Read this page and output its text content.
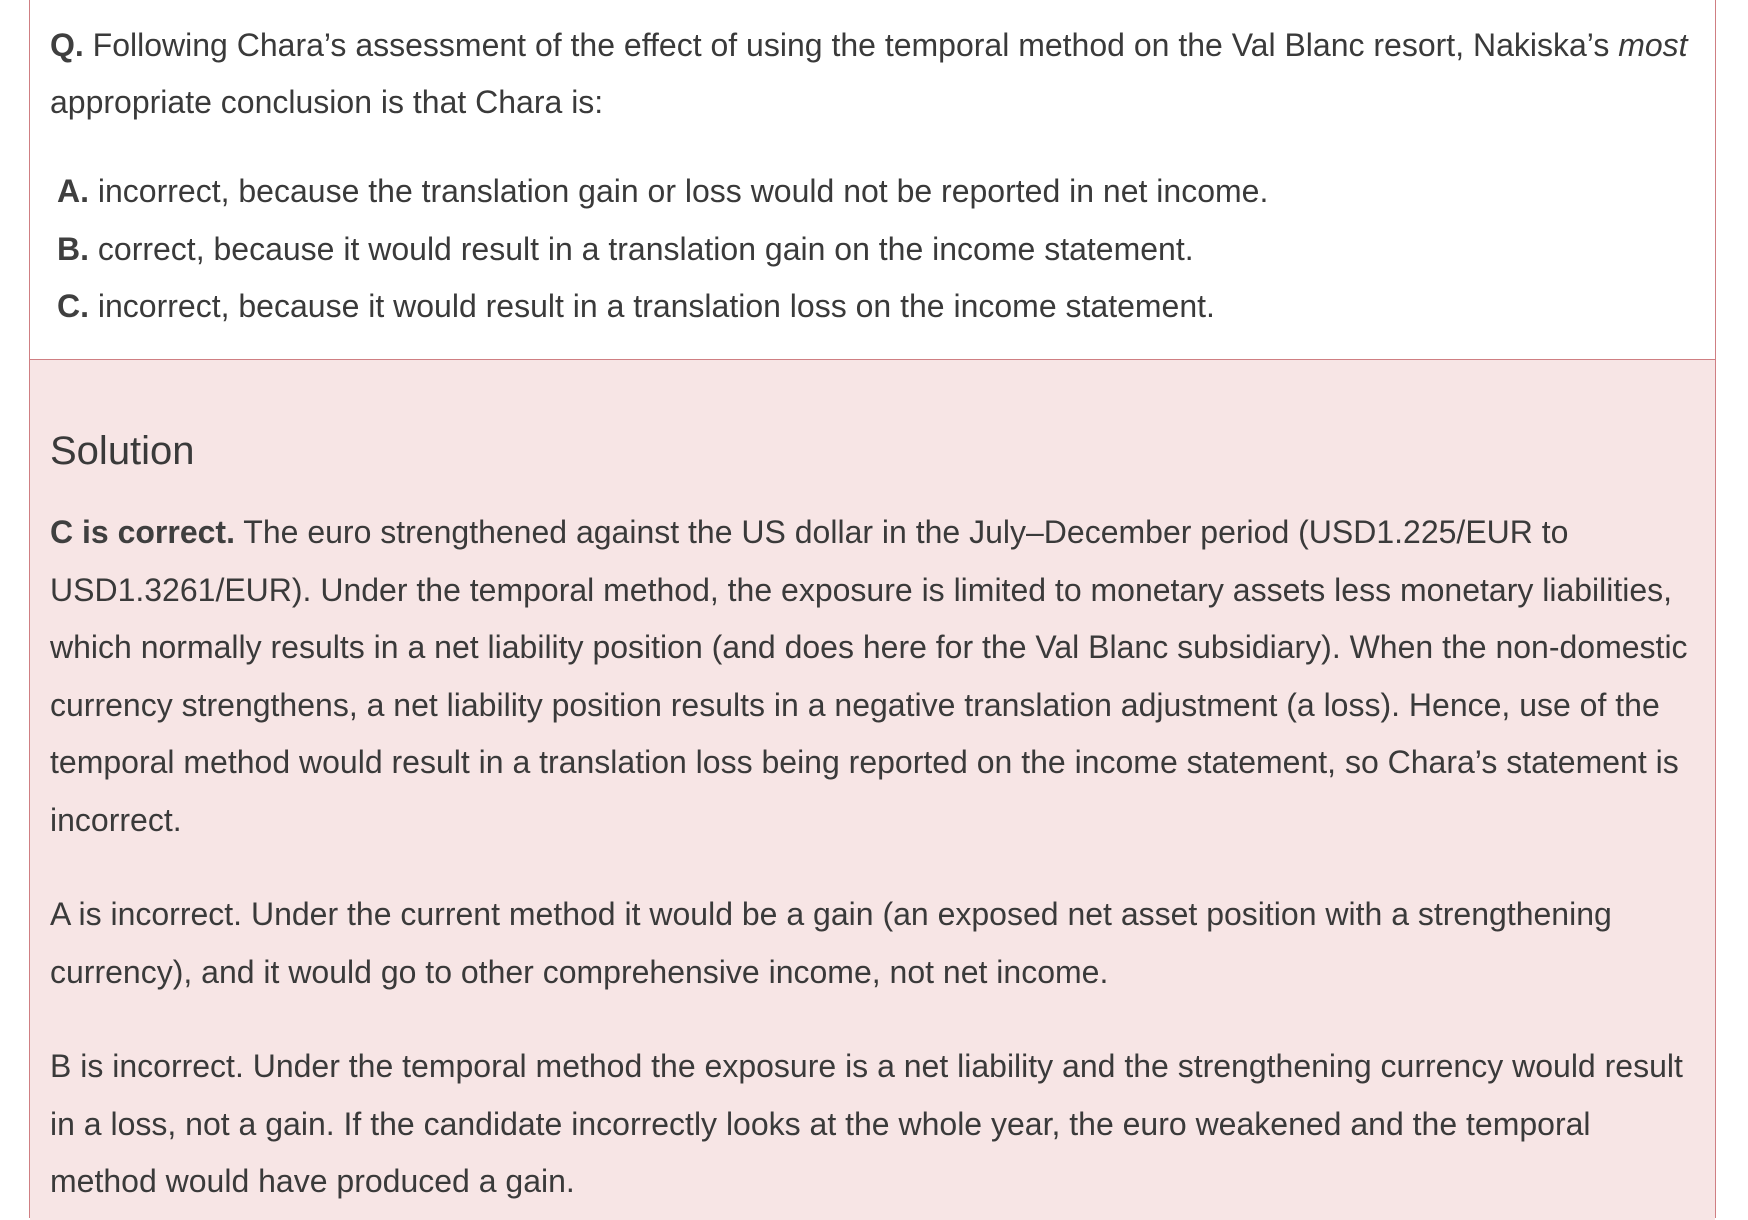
Q. Following Chara’s assessment of the effect of using the temporal method on the Val Blanc resort, Nakiska’s most appropriate conclusion is that Chara is:

A. incorrect, because the translation gain or loss would not be reported in net income.
B. correct, because it would result in a translation gain on the income statement.
C. incorrect, because it would result in a translation loss on the income statement.
Solution

C is correct. The euro strengthened against the US dollar in the July–December period (USD1.225/EUR to USD1.3261/EUR). Under the temporal method, the exposure is limited to monetary assets less monetary liabilities, which normally results in a net liability position (and does here for the Val Blanc subsidiary). When the non-domestic currency strengthens, a net liability position results in a negative translation adjustment (a loss). Hence, use of the temporal method would result in a translation loss being reported on the income statement, so Chara’s statement is incorrect.

A is incorrect. Under the current method it would be a gain (an exposed net asset position with a strengthening currency), and it would go to other comprehensive income, not net income.

B is incorrect. Under the temporal method the exposure is a net liability and the strengthening currency would result in a loss, not a gain. If the candidate incorrectly looks at the whole year, the euro weakened and the temporal method would have produced a gain.
